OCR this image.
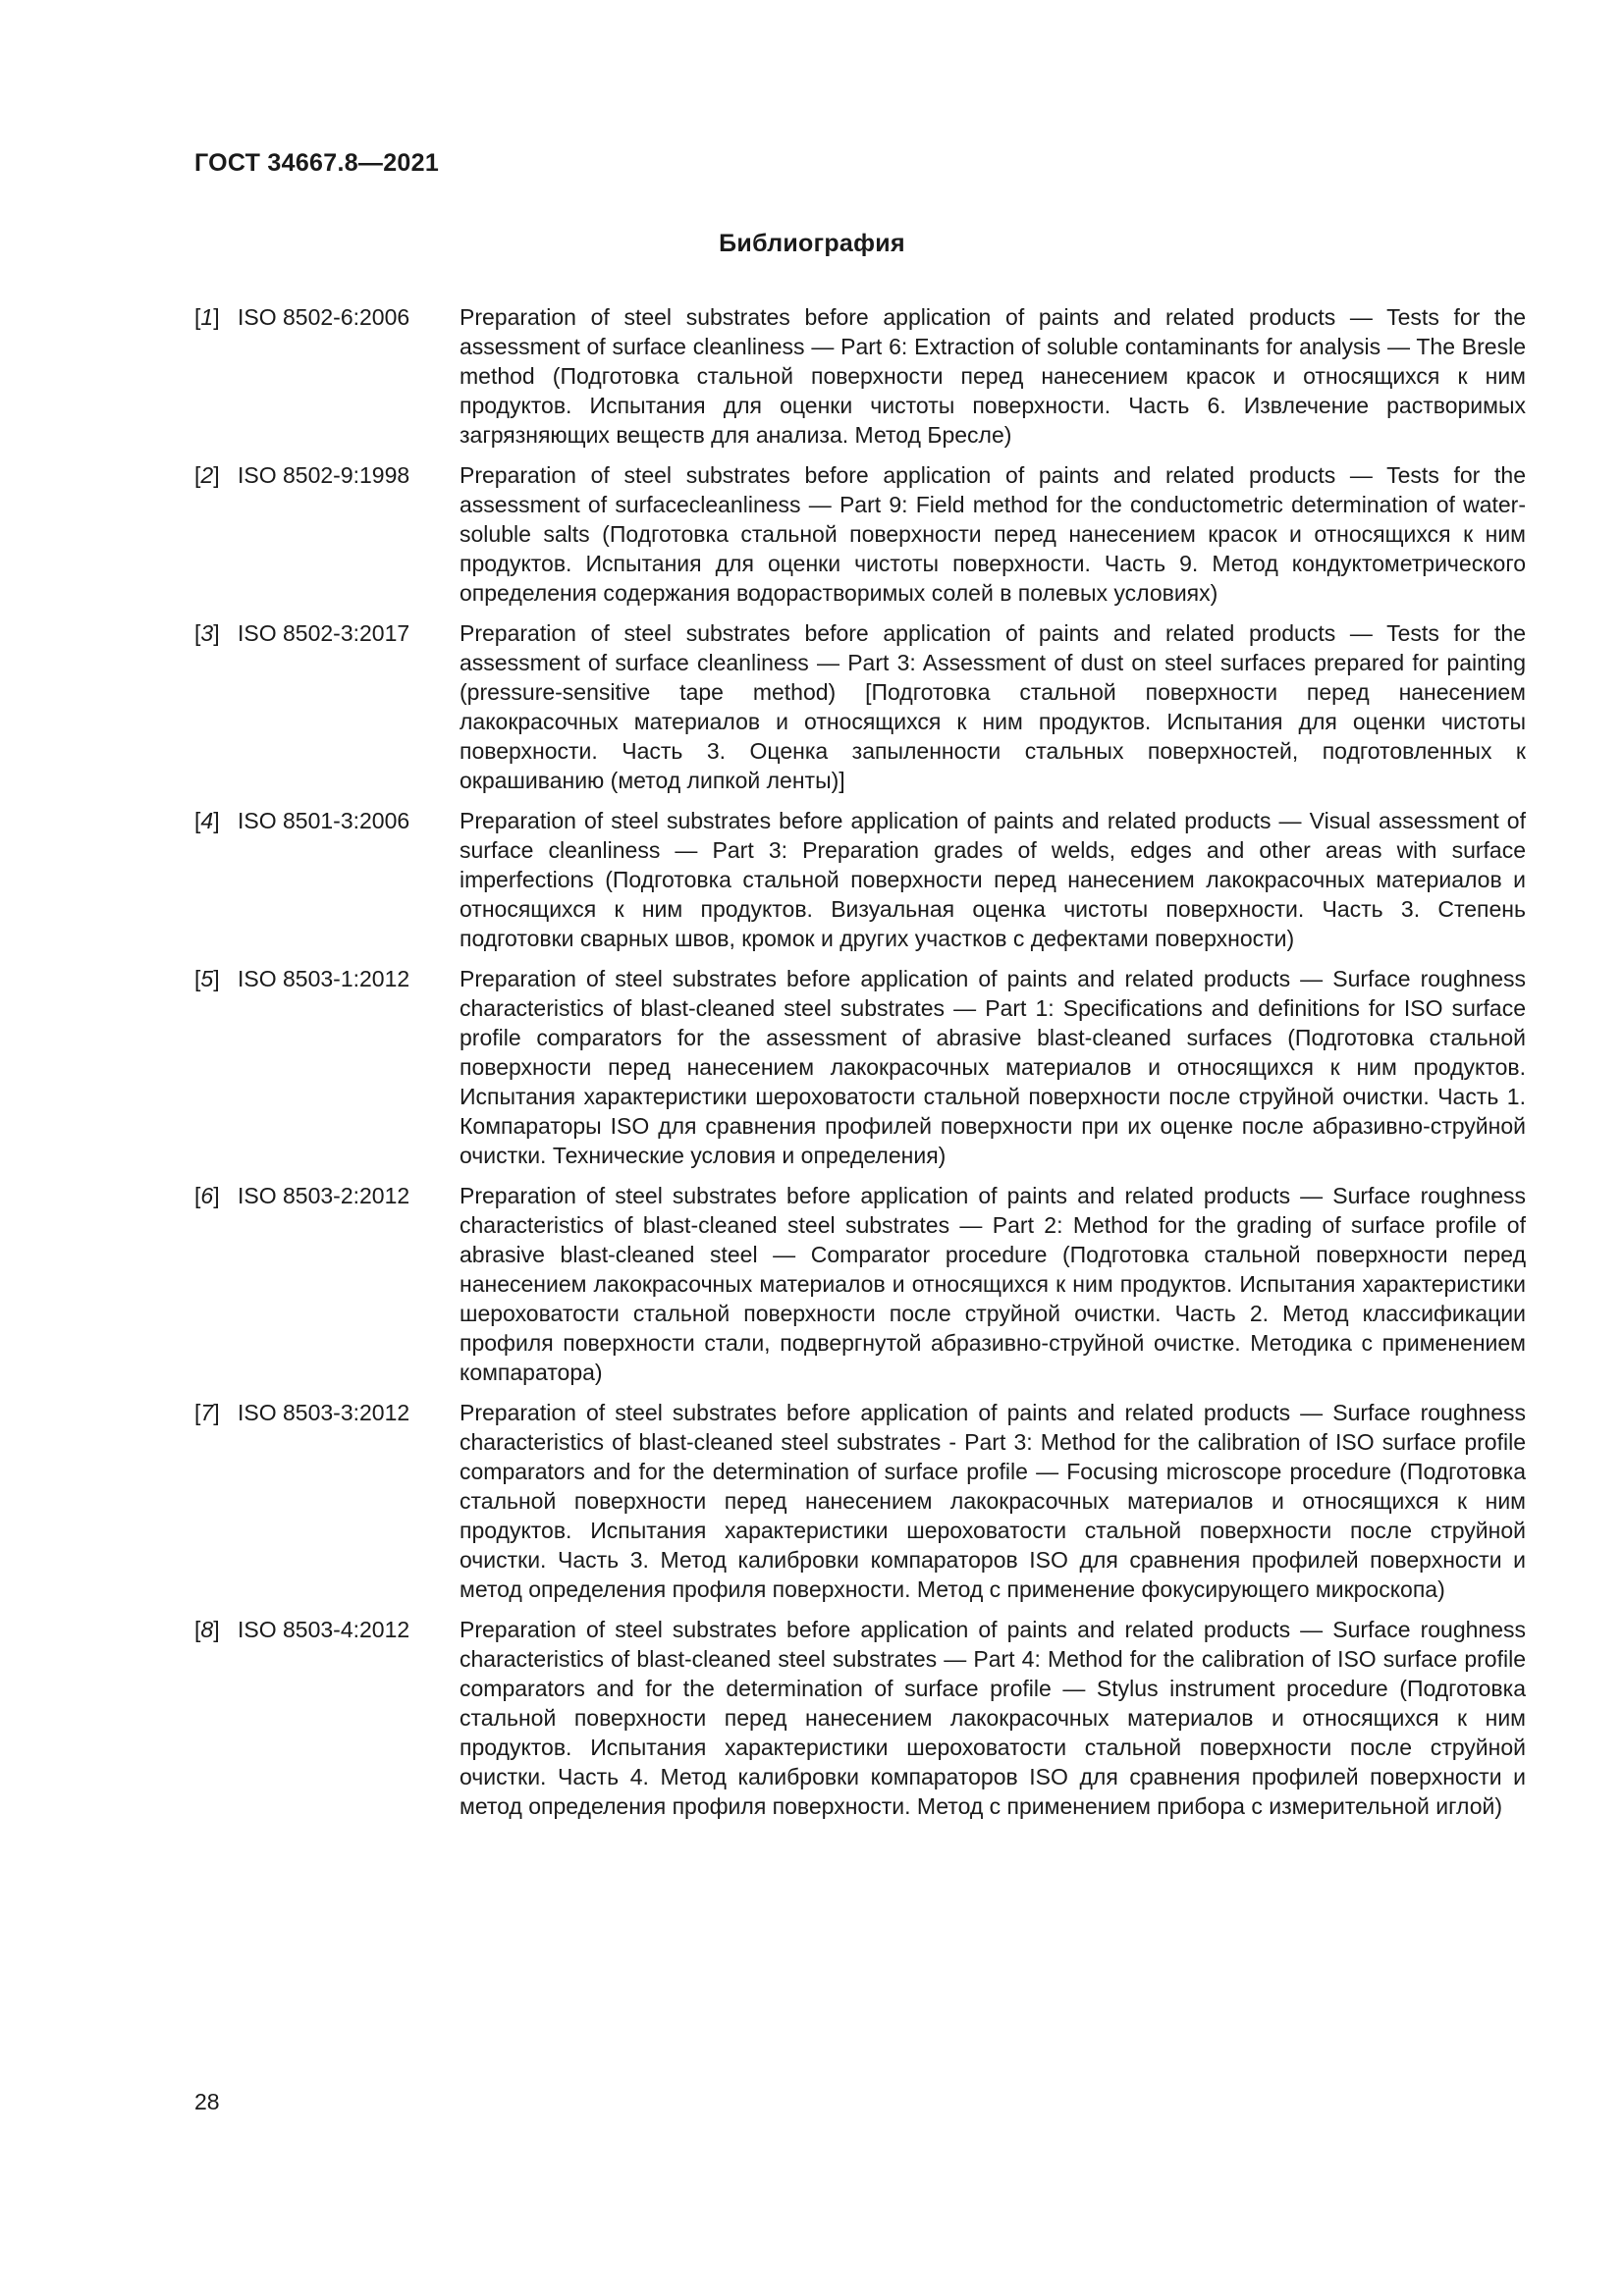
ГОСТ 34667.8—2021
Библиография
[1] ISO 8502-6:2006	Preparation of steel substrates before application of paints and related products — Tests for the assessment of surface cleanliness — Part 6: Extraction of soluble contaminants for analysis — The Bresle method (Подготовка стальной поверхности перед нанесением красок и относящихся к ним продуктов. Испытания для оценки чистоты поверхности. Часть 6. Извлечение растворимых загрязняющих веществ для анализа. Метод Бресле)
[2] ISO 8502-9:1998	Preparation of steel substrates before application of paints and related products — Tests for the assessment of surfacecleanliness — Part 9: Field method for the conductometric determination of water-soluble salts (Подготовка стальной поверхности перед нанесением красок и относящихся к ним продуктов. Испытания для оценки чистоты поверхности. Часть 9. Метод кондуктометрического определения содержания водорастворимых солей в полевых условиях)
[3] ISO 8502-3:2017	Preparation of steel substrates before application of paints and related products — Tests for the assessment of surface cleanliness — Part 3: Assessment of dust on steel surfaces prepared for painting (pressure-sensitive tape method) [Подготовка стальной поверхности перед нанесением лакокрасочных материалов и относящихся к ним продуктов. Испытания для оценки чистоты поверхности. Часть 3. Оценка запыленности стальных поверхностей, подготовленных к окрашиванию (метод липкой ленты)]
[4] ISO 8501-3:2006	Preparation of steel substrates before application of paints and related products — Visual assessment of surface cleanliness — Part 3: Preparation grades of welds, edges and other areas with surface imperfections (Подготовка стальной поверхности перед нанесением лакокрасочных материалов и относящихся к ним продуктов. Визуальная оценка чистоты поверхности. Часть 3. Степень подготовки сварных швов, кромок и других участков с дефектами поверхности)
[5] ISO 8503-1:2012	Preparation of steel substrates before application of paints and related products — Surface roughness characteristics of blast-cleaned steel substrates — Part 1: Specifications and definitions for ISO surface profile comparators for the assessment of abrasive blast-cleaned surfaces (Подготовка стальной поверхности перед нанесением лакокрасочных материалов и относящихся к ним продуктов. Испытания характеристики шероховатости стальной поверхности после струйной очистки. Часть 1. Компараторы ISO для сравнения профилей поверхности при их оценке после абразивно-струйной очистки. Технические условия и определения)
[6] ISO 8503-2:2012	Preparation of steel substrates before application of paints and related products — Surface roughness characteristics of blast-cleaned steel substrates — Part 2: Method for the grading of surface profile of abrasive blast-cleaned steel — Comparator procedure (Подготовка стальной поверхности перед нанесением лакокрасочных материалов и относящихся к ним продуктов. Испытания характеристики шероховатости стальной поверхности после струйной очистки. Часть 2. Метод классификации профиля поверхности стали, подвергнутой абразивно-струйной очистке. Методика с применением компаратора)
[7] ISO 8503-3:2012	Preparation of steel substrates before application of paints and related products — Surface roughness characteristics of blast-cleaned steel substrates - Part 3: Method for the calibration of ISO surface profile comparators and for the determination of surface profile — Focusing microscope procedure (Подготовка стальной поверхности перед нанесением лакокрасочных материалов и относящихся к ним продуктов. Испытания характеристики шероховатости стальной поверхности после струйной очистки. Часть 3. Метод калибровки компараторов ISO для сравнения профилей поверхности и метод определения профиля поверхности. Метод с применение фокусирующего микроскопа)
[8] ISO 8503-4:2012	Preparation of steel substrates before application of paints and related products — Surface roughness characteristics of blast-cleaned steel substrates — Part 4: Method for the calibration of ISO surface profile comparators and for the determination of surface profile — Stylus instrument procedure (Подготовка стальной поверхности перед нанесением лакокрасочных материалов и относящихся к ним продуктов. Испытания характеристики шероховатости стальной поверхности после струйной очистки. Часть 4. Метод калибровки компараторов ISO для сравнения профилей поверхности и метод определения профиля поверхности. Метод с применением прибора с измерительной иглой)
28
